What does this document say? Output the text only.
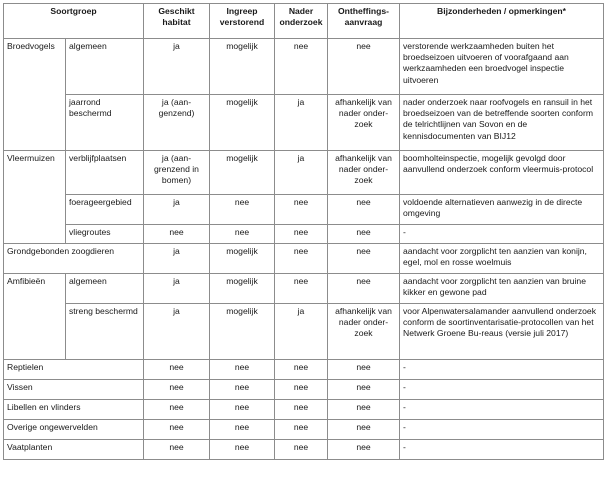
Soortgroep		Geschikt habitat	Ingreep verstorend	Nader onderzoek	Ontheffings-aanvraag	Bijzonderheden / opmerkingen*
Broedvogels	algemeen	ja	mogelijk	nee	nee	verstorende werkzaamheden buiten het broedseizoen uitvoeren of voorafgaand aan werkzaamheden een broedvogel inspectie uitvoeren
	jaarrond beschermd	ja (aan-genzend)	mogelijk	ja	afhankelijk van nader onder-zoek	nader onderzoek naar roofvogels en ransuil in het broedseizoen van de betreffende soorten conform de telrichtlijnen van Sovon en de kennisdocumenten van BIJ12
Vleermuizen	verblijfplaatsen	ja (aan-grenzend in bomen)	mogelijk	ja	afhankelijk van nader onder-zoek	boomholteinspectie, mogelijk gevolgd door aanvullend onderzoek conform vleermuis-protocol
	foerageergebied	ja	nee	nee	nee	voldoende alternatieven aanwezig in de directe omgeving
	vliegroutes	nee	nee	nee	nee	-
Grondgebonden zoogdieren		ja	mogelijk	nee	nee	aandacht voor zorgplicht ten aanzien van konijn, egel, mol en rosse woelmuis
Amfibieën	algemeen	ja	mogelijk	nee	nee	aandacht voor zorgplicht ten aanzien van bruine kikker en gewone pad
	streng beschermd	ja	mogelijk	ja	afhankelijk van nader onder-zoek	voor Alpenwatersalamander aanvullend onderzoek conform de soortinventarisatie-protocollen van het Netwerk Groene Bu-reaus (versie juli 2017)
Reptielen		nee	nee	nee	nee	-
Vissen		nee	nee	nee	nee	-
Libellen en vlinders		nee	nee	nee	nee	-
Overige ongewervelden		nee	nee	nee	nee	-
Vaatplanten		nee	nee	nee	nee	-
